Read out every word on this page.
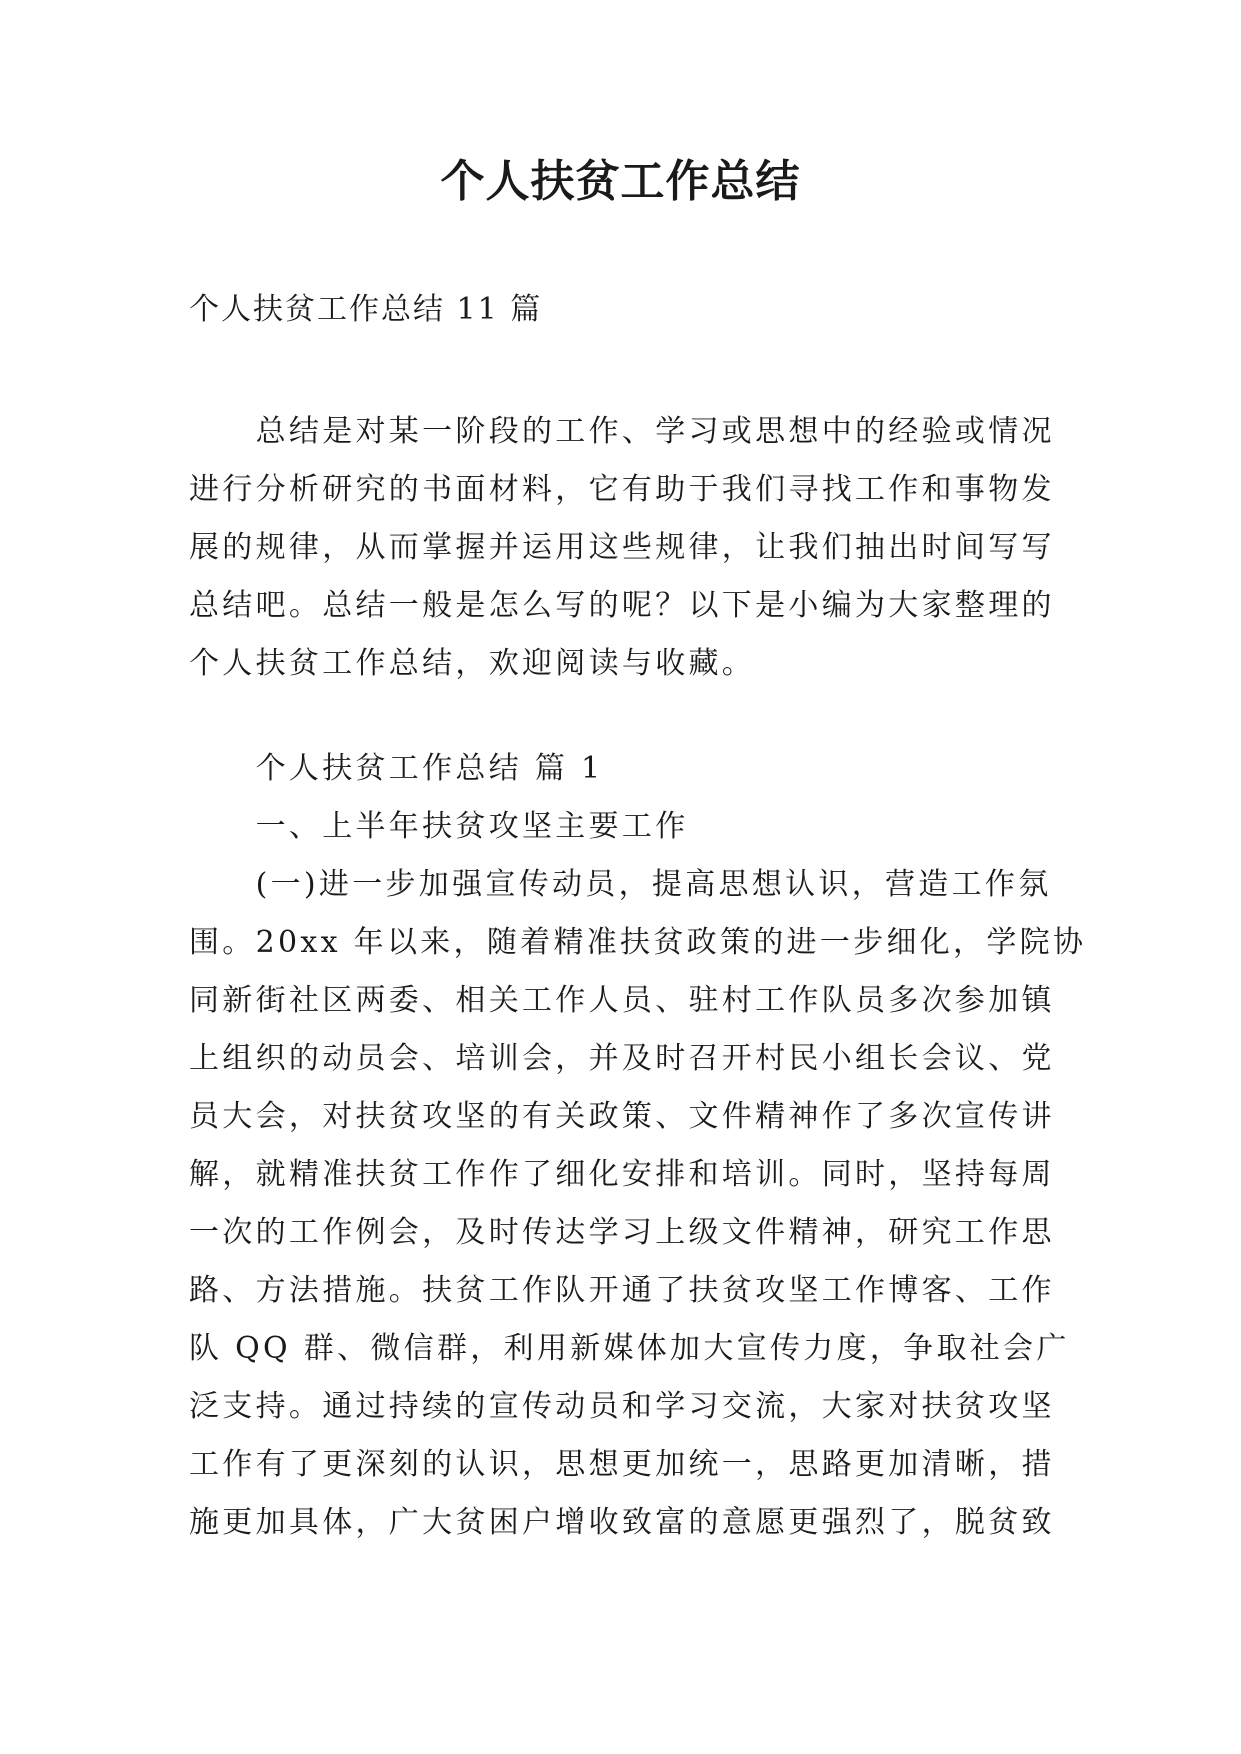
个人扶贫工作总结
个人扶贫工作总结 11 篇
　　总结是对某一阶段的工作、学习或思想中的经验或情况
进行分析研究的书面材料，它有助于我们寻找工作和事物发
展的规律，从而掌握并运用这些规律，让我们抽出时间写写
总结吧。总结一般是怎么写的呢？以下是小编为大家整理的
个人扶贫工作总结，欢迎阅读与收藏。
　　个人扶贫工作总结 篇 1
　　一、上半年扶贫攻坚主要工作
　　(一)进一步加强宣传动员，提高思想认识，营造工作氛
围。20xx 年以来，随着精准扶贫政策的进一步细化，学院协
同新街社区两委、相关工作人员、驻村工作队员多次参加镇
上组织的动员会、培训会，并及时召开村民小组长会议、党
员大会，对扶贫攻坚的有关政策、文件精神作了多次宣传讲
解，就精准扶贫工作作了细化安排和培训。同时，坚持每周
一次的工作例会，及时传达学习上级文件精神，研究工作思
路、方法措施。扶贫工作队开通了扶贫攻坚工作博客、工作
队 QQ 群、微信群，利用新媒体加大宣传力度，争取社会广
泛支持。通过持续的宣传动员和学习交流，大家对扶贫攻坚
工作有了更深刻的认识，思想更加统一，思路更加清晰，措
施更加具体，广大贫困户增收致富的意愿更强烈了，脱贫致
